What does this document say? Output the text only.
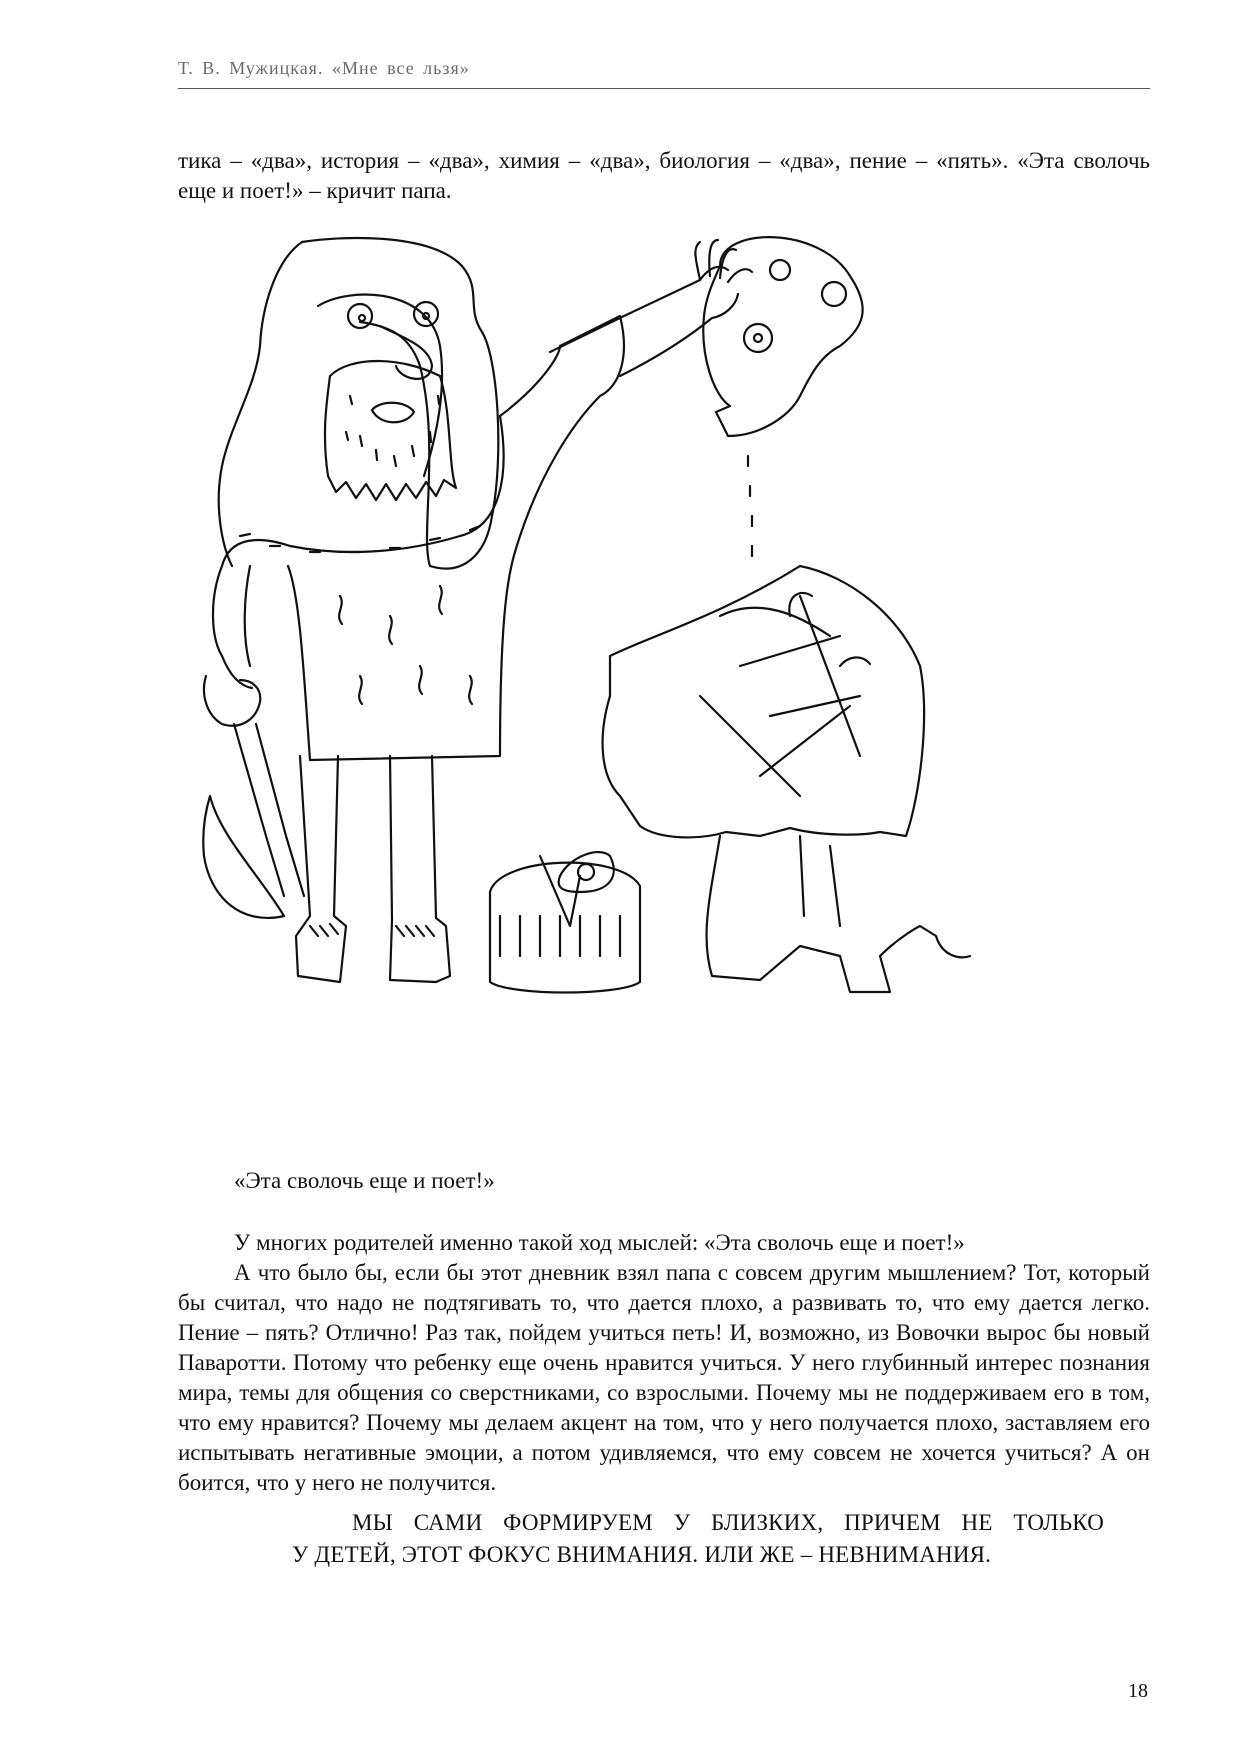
Т. В. Мужицкая. «Мне все льзя»
тика – «два», история – «два», химия – «два», биология – «два», пение – «пять». «Эта сволочь
еще и поет!» – кричит папа.
«Эта сволочь еще и поет!»

У многих родителей именно такой ход мыслей: «Эта сволочь еще и поет!»

А что было бы, если бы этот дневник взял папа с совсем другим мышлением? Тот, который бы считал, что надо не подтягивать то, что дается плохо, а развивать то, что ему дается легко. Пение – пять? Отлично! Раз так, пойдем учиться петь! И, возможно, из Вовочки вырос бы новый Паваротти. Потому что ребенку еще очень нравится учиться. У него глубинный интерес познания мира, темы для общения со сверстниками, со взрослыми. Почему мы не поддерживаем его в том, что ему нравится? Почему мы делаем акцент на том, что у него получается плохо, заставляем его испытывать негативные эмоции, а потом удивляемся, что ему совсем не хочется учиться? А он боится, что у него не получится.

МЫ САМИ ФОРМИРУЕМ У БЛИЗКИХ, ПРИЧЕМ НЕ ТОЛЬКО
У ДЕТЕЙ, ЭТОТ ФОКУС ВНИМАНИЯ. ИЛИ ЖЕ – НЕВНИМАНИЯ.
18
